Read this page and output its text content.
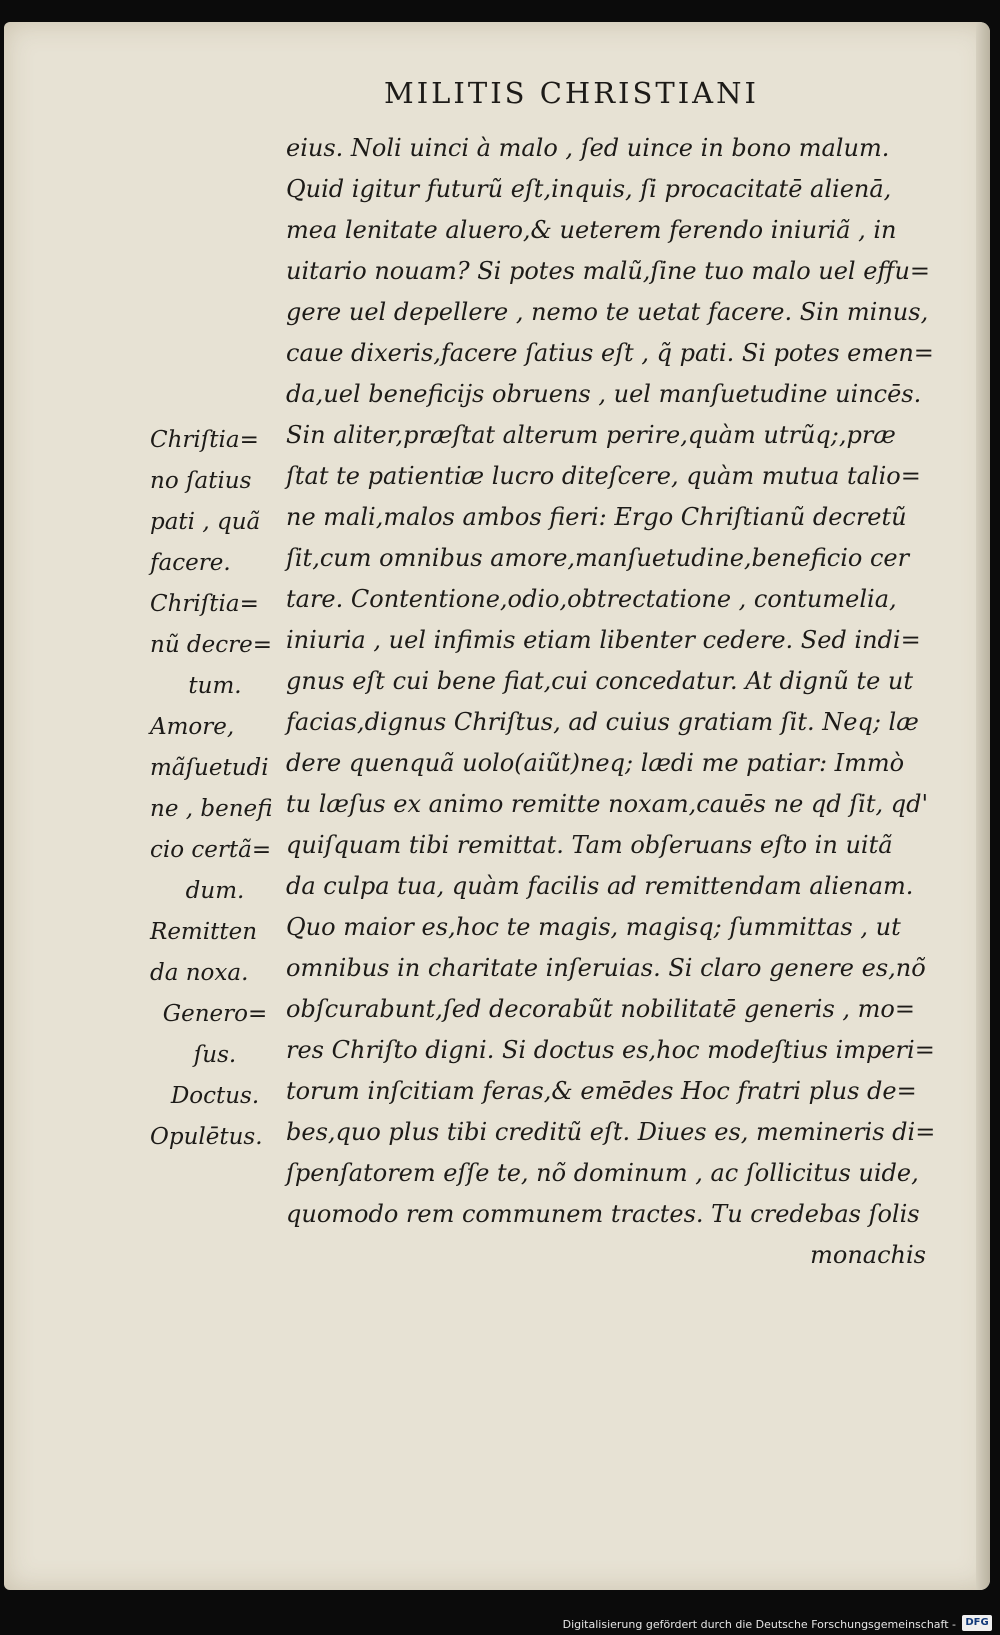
MILITIS CHRISTIANI
eius. Noli uinci à malo , ſed uince in bono malum.
Quid igitur futurũ eſt,inquis, ſi procacitatē alienā,
mea lenitate aluero,& ueterem ferendo iniuriã , in
uitario nouam? Si potes malũ,ſine tuo malo uel effu=
gere uel depellere , nemo te uetat facere. Sin minus,
caue dixeris,facere ſatius eſt , q̃ pati. Si potes emen=
da,uel beneficijs obruens , uel manſuetudine uincēs.
Sin aliter,præſtat alterum perire,quàm utrũq;,præ
ſtat te patientiæ lucro diteſcere, quàm mutua talio=
ne mali,malos ambos fieri: Ergo Chriſtianũ decretũ
ſit,cum omnibus amore,manſuetudine,beneficio cer
tare. Contentione,odio,obtrectatione , contumelia,
iniuria , uel infimis etiam libenter cedere. Sed indi=
gnus eſt cui bene fiat,cui concedatur. At dignũ te ut
facias,dignus Chriſtus, ad cuius gratiam ſit. Neq; læ
dere quenquã uolo(aiũt)neq; lædi me patiar: Immò
tu læſus ex animo remitte noxam,cauēs ne qd ſit, qd'
quiſquam tibi remittat. Tam obſeruans eſto in uitã
da culpa tua, quàm facilis ad remittendam alienam.
Quo maior es,hoc te magis, magisq; ſummittas , ut
omnibus in charitate inſeruias. Si claro genere es,nõ
obſcurabunt,ſed decorabũt nobilitatē generis , mo=
res Chriſto digni. Si doctus es,hoc modeſtius imperi=
torum inſcitiam feras,& emēdes Hoc fratri plus de=
bes,quo plus tibi creditũ eſt. Diues es, memineris di=
ſpenſatorem eſſe te, nõ dominum , ac ſollicitus uide,
quomodo rem communem tractes. Tu credebas ſolis
monachis
Chriſtia=
no ſatius
pati , quã
facere.
Chriſtia=
nũ decre=
tum.
Amore,
mãſuetudi
ne , benefi
cio certã=
dum.
Remitten
da noxa.
Genero=
ſus.
Doctus.
Opulētus.
Digitalisierung gefördert durch die Deutsche Forschungsgemeinschaft - DFG
